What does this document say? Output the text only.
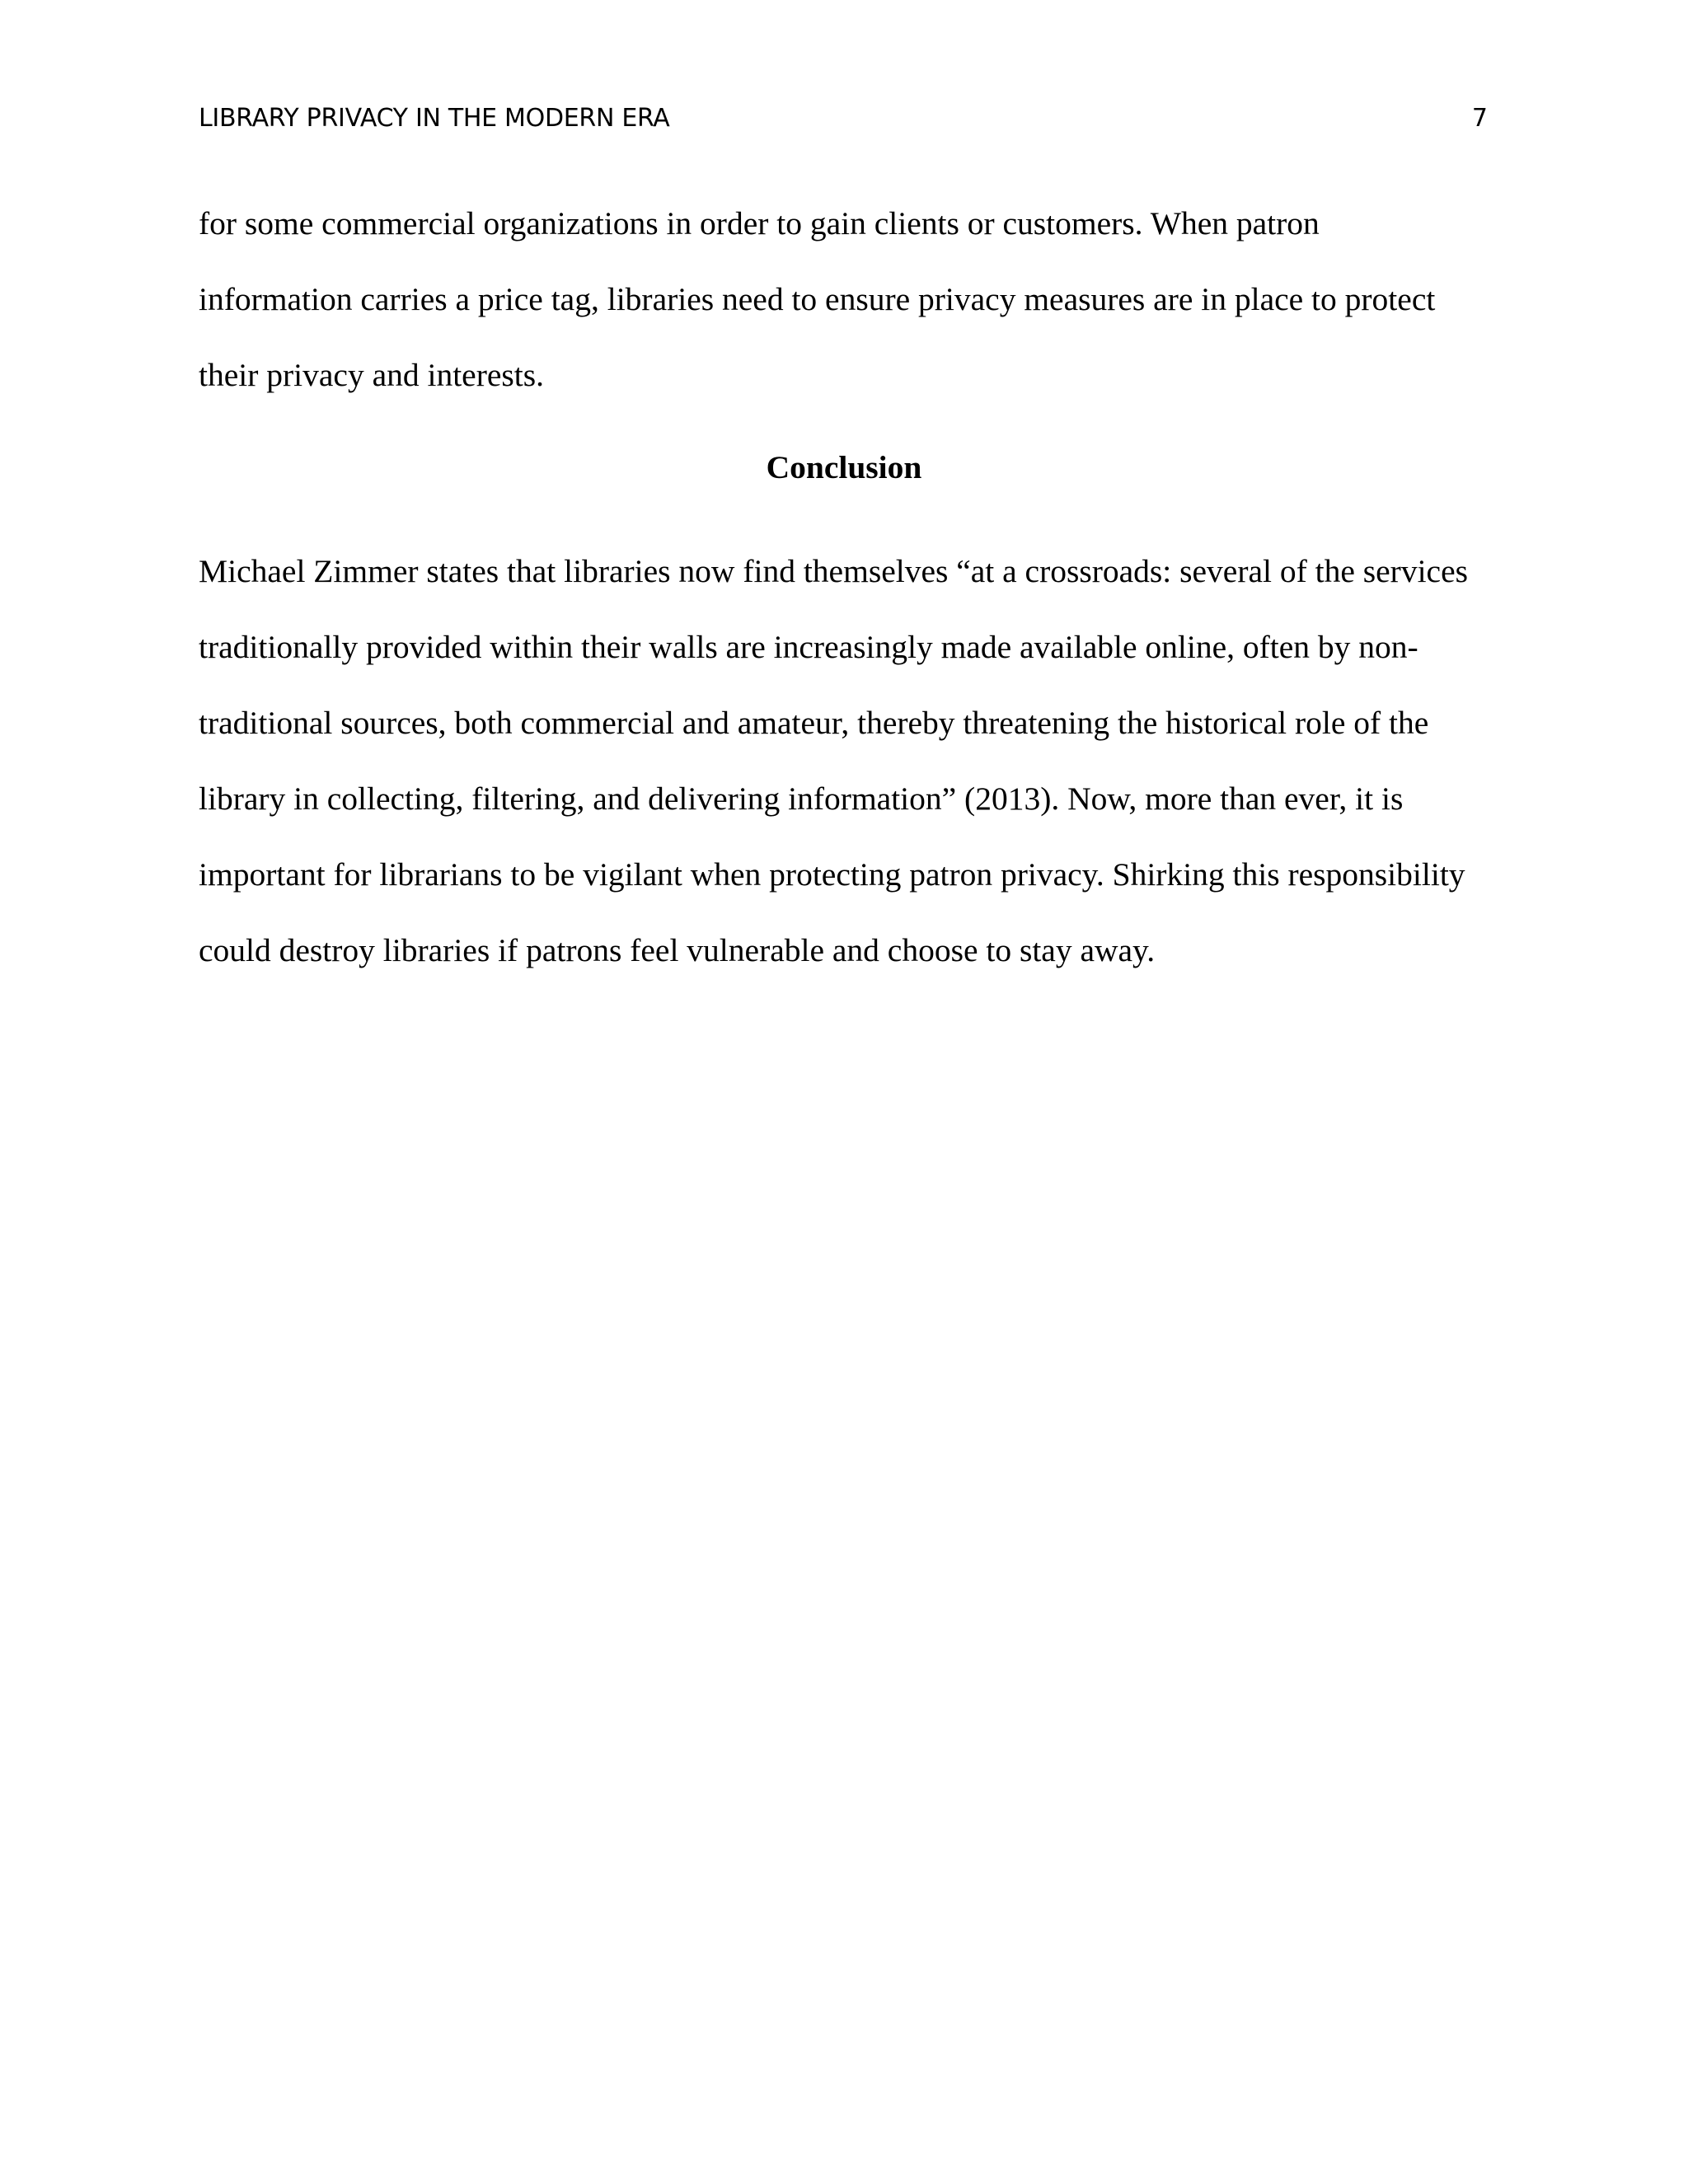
LIBRARY PRIVACY IN THE MODERN ERA	7
for some commercial organizations in order to gain clients or customers. When patron
information carries a price tag, libraries need to ensure privacy measures are in place to protect
their privacy and interests.
Conclusion
Michael Zimmer states that libraries now find themselves “at a crossroads: several of the services
traditionally provided within their walls are increasingly made available online, often by non-
traditional sources, both commercial and amateur, thereby threatening the historical role of the
library in collecting, filtering, and delivering information” (2013). Now, more than ever, it is
important for librarians to be vigilant when protecting patron privacy. Shirking this responsibility
could destroy libraries if patrons feel vulnerable and choose to stay away.
